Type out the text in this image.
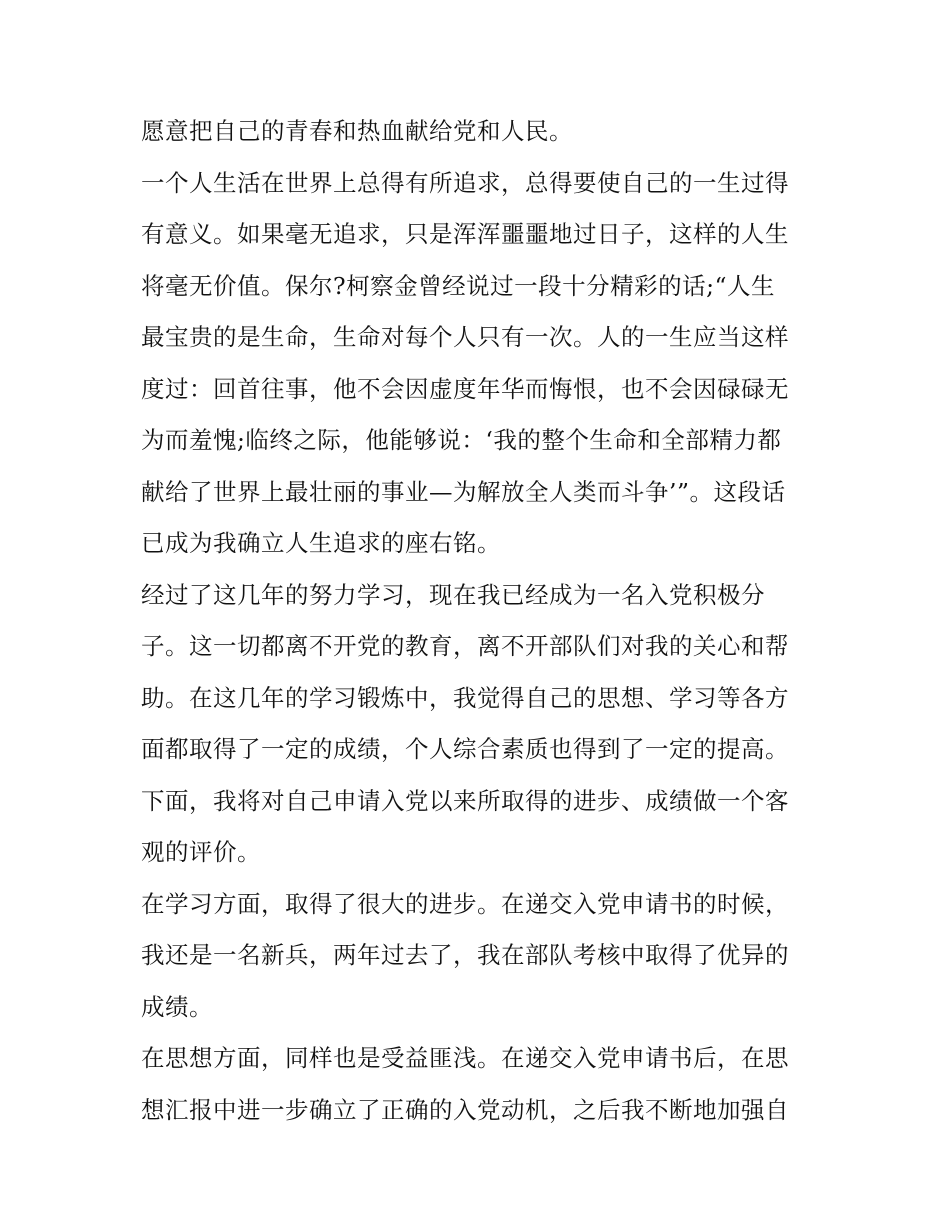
愿意把自己的青春和热血献给党和人民。
一个人生活在世界上总得有所追求，总得要使自己的一生过得
有意义。如果毫无追求，只是浑浑噩噩地过日子，这样的人生
将毫无价值。保尔?柯察金曾经说过一段十分精彩的话;“人生
最宝贵的是生命，生命对每个人只有一次。人的一生应当这样
度过：回首往事，他不会因虚度年华而悔恨，也不会因碌碌无
为而羞愧;临终之际，他能够说：‘我的整个生命和全部精力都
献给了世界上最壮丽的事业—为解放全人类而斗争’”。这段话
已成为我确立人生追求的座右铭。
经过了这几年的努力学习，现在我已经成为一名入党积极分
子。这一切都离不开党的教育，离不开部队们对我的关心和帮
助。在这几年的学习锻炼中，我觉得自己的思想、学习等各方
面都取得了一定的成绩，个人综合素质也得到了一定的提高。
下面，我将对自己申请入党以来所取得的进步、成绩做一个客
观的评价。
在学习方面，取得了很大的进步。在递交入党申请书的时候，
我还是一名新兵，两年过去了，我在部队考核中取得了优异的
成绩。
在思想方面，同样也是受益匪浅。在递交入党申请书后，在思
想汇报中进一步确立了正确的入党动机，之后我不断地加强自
